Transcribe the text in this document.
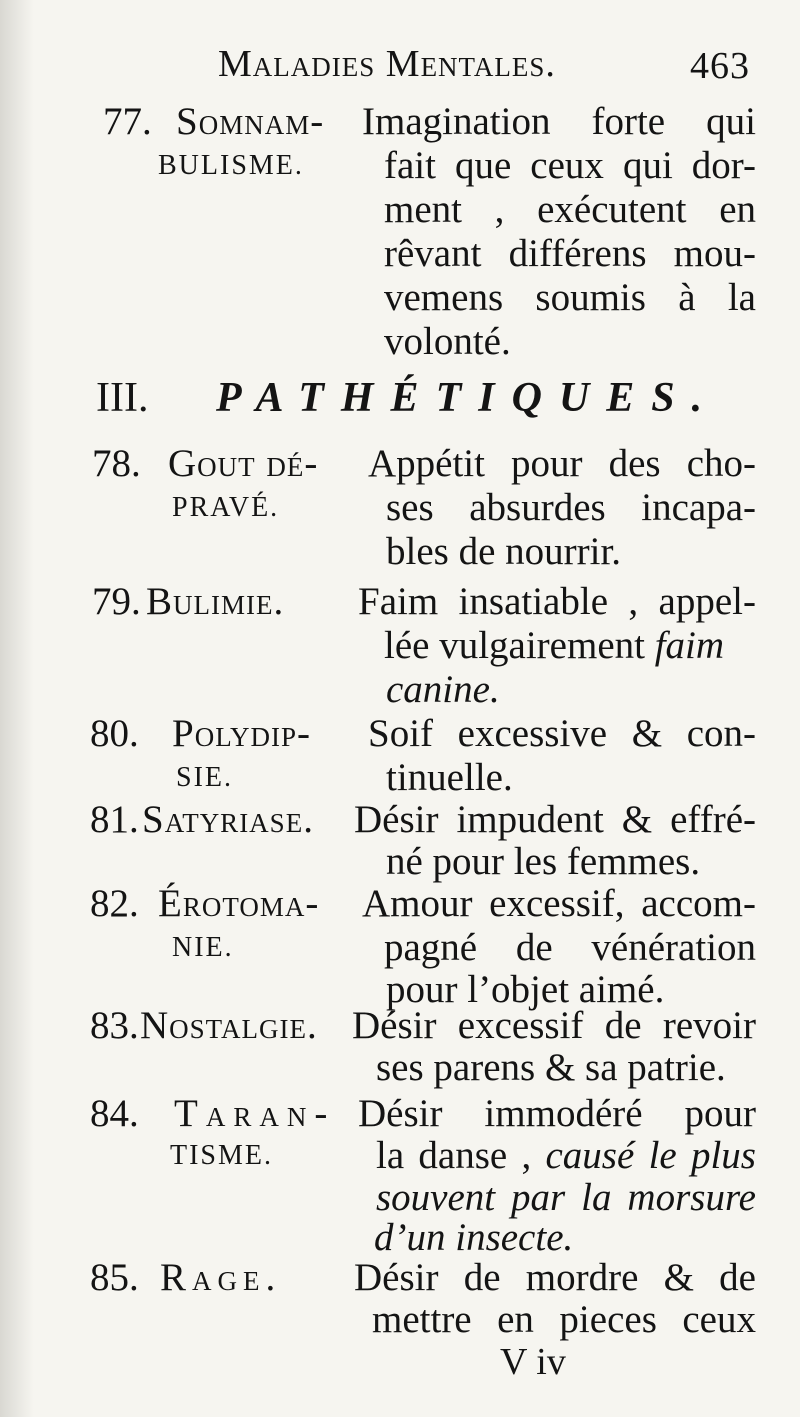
Maladies Mentales.	463
77. Somnam- Imagination forte qui
BULISME. fait que ceux qui dor-
ment , exécutent en
rêvant différens mou-
vemens soumis à la
volonté.
III. PATHÉTIQUES.
78. Gout dé- Appétit pour des cho-
PRAVÉ.	ses absurdes incapa-
bles de nourrir.
79. Bulimie. Faim insatiable , appel-
lée vulgairement faim
canine.
80. Polydip- Soif excessive & con-
SIE.	tinuelle.
81. Satyriase. Désir impudent & effré-
né pour les femmes.
82. Érotoma- Amour excessif, accom-
NIE.	pagné de vénération
pour l’objet aimé.
83. Nostalgie. Désir excessif de revoir
ses parens & sa patrie.
84. Taran- Désir immodéré pour
TISME.	la danse , causé le plus
souvent par la morsure
d’un insecte.
85. Rage. Désir de mordre & de
mettre en pieces ceux
V iv
